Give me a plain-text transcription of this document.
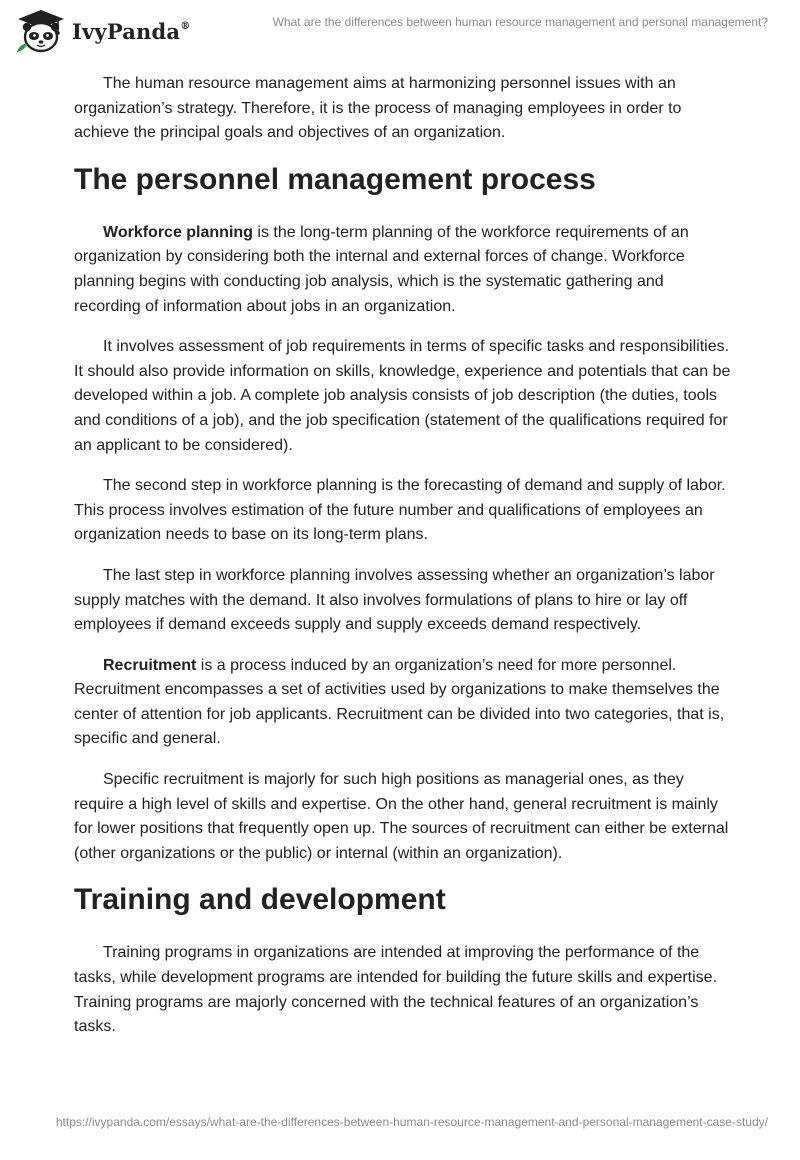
IvyPanda®	What are the differences between human resource management and personal management?

The human resource management aims at harmonizing personnel issues with an organization’s strategy. Therefore, it is the process of managing employees in order to achieve the principal goals and objectives of an organization.

The personnel management process

Workforce planning is the long-term planning of the workforce requirements of an organization by considering both the internal and external forces of change. Workforce planning begins with conducting job analysis, which is the systematic gathering and recording of information about jobs in an organization.

It involves assessment of job requirements in terms of specific tasks and responsibilities. It should also provide information on skills, knowledge, experience and potentials that can be developed within a job. A complete job analysis consists of job description (the duties, tools and conditions of a job), and the job specification (statement of the qualifications required for an applicant to be considered).

The second step in workforce planning is the forecasting of demand and supply of labor. This process involves estimation of the future number and qualifications of employees an organization needs to base on its long-term plans.

The last step in workforce planning involves assessing whether an organization’s labor supply matches with the demand. It also involves formulations of plans to hire or lay off employees if demand exceeds supply and supply exceeds demand respectively.

Recruitment is a process induced by an organization’s need for more personnel. Recruitment encompasses a set of activities used by organizations to make themselves the center of attention for job applicants. Recruitment can be divided into two categories, that is, specific and general.

Specific recruitment is majorly for such high positions as managerial ones, as they require a high level of skills and expertise. On the other hand, general recruitment is mainly for lower positions that frequently open up. The sources of recruitment can either be external (other organizations or the public) or internal (within an organization).

Training and development

Training programs in organizations are intended at improving the performance of the tasks, while development programs are intended for building the future skills and expertise. Training programs are majorly concerned with the technical features of an organization’s tasks.

https://ivypanda.com/essays/what-are-the-differences-between-human-resource-management-and-personal-management-case-study/
